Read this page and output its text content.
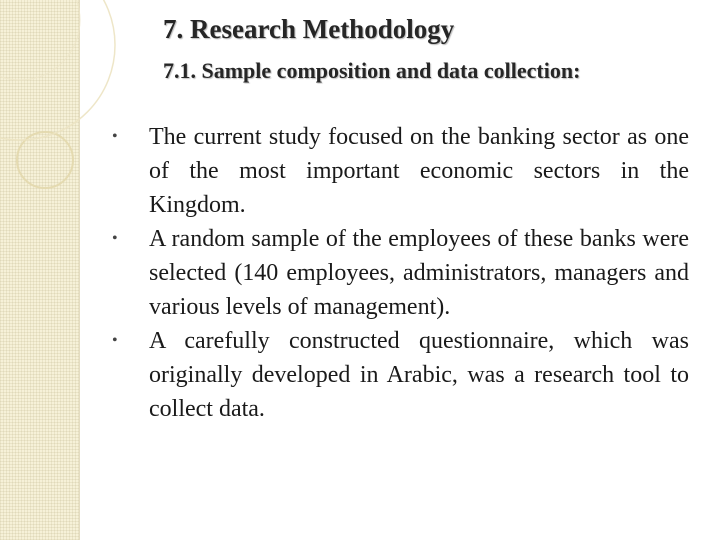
7. Research Methodology
7.1. Sample composition and data collection:
• The current study focused on the banking sector as one of the most important economic sectors in the Kingdom.
• A random sample of the employees of these banks were selected (140 employees, administrators, managers and various levels of management).
• A carefully constructed questionnaire, which was originally developed in Arabic, was a research tool to collect data.
